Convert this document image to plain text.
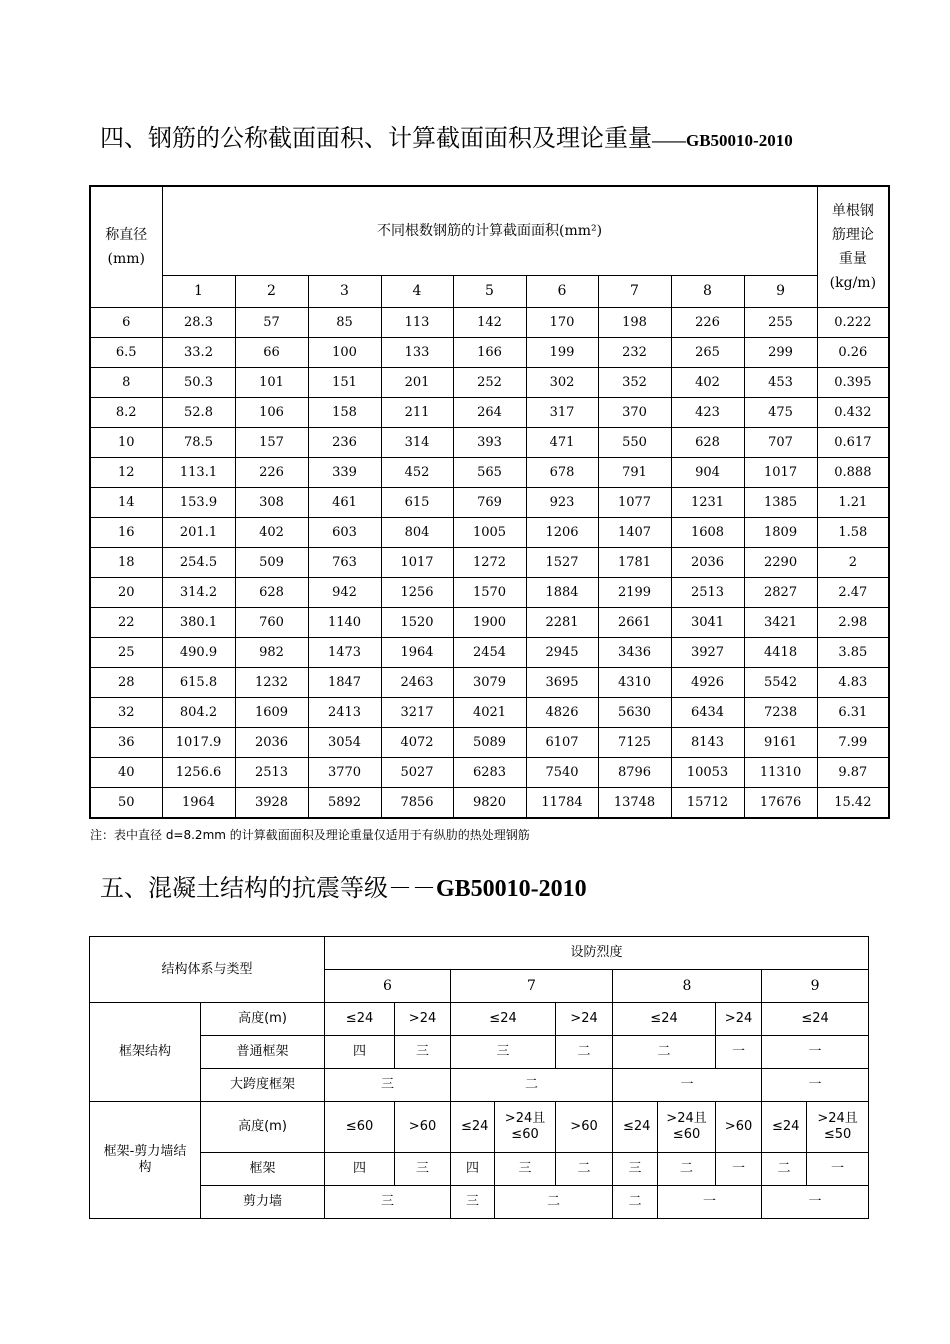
四、钢筋的公称截面面积、计算截面面积及理论重量——GB50010-2010
称直径(mm)	不同根数钢筋的计算截面面积(mm²)									单根钢筋理论重量(kg/m)
	1	2	3	4	5	6	7	8	9	
6	28.3	57	85	113	142	170	198	226	255	0.222
6.5	33.2	66	100	133	166	199	232	265	299	0.26
8	50.3	101	151	201	252	302	352	402	453	0.395
8.2	52.8	106	158	211	264	317	370	423	475	0.432
10	78.5	157	236	314	393	471	550	628	707	0.617
12	113.1	226	339	452	565	678	791	904	1017	0.888
14	153.9	308	461	615	769	923	1077	1231	1385	1.21
16	201.1	402	603	804	1005	1206	1407	1608	1809	1.58
18	254.5	509	763	1017	1272	1527	1781	2036	2290	2
20	314.2	628	942	1256	1570	1884	2199	2513	2827	2.47
22	380.1	760	1140	1520	1900	2281	2661	3041	3421	2.98
25	490.9	982	1473	1964	2454	2945	3436	3927	4418	3.85
28	615.8	1232	1847	2463	3079	3695	4310	4926	5542	4.83
32	804.2	1609	2413	3217	4021	4826	5630	6434	7238	6.31
36	1017.9	2036	3054	4072	5089	6107	7125	8143	9161	7.99
40	1256.6	2513	3770	5027	6283	7540	8796	10053	11310	9.87
50	1964	3928	5892	7856	9820	11784	13748	15712	17676	15.42

注：表中直径 d=8.2mm 的计算截面面积及理论重量仅适用于有纵肋的热处理钢筋

五、混凝土结构的抗震等级－－GB50010-2010
结构体系与类型		设防烈度									
		6		7			8			9	
框架结构	高度(m)	≤24	>24	≤24		>24	≤24		>24	≤24	
	普通框架	四	三	三		二	二		一	一	
	大跨度框架	三		二			一			一	
框架-剪力墙结构	高度(m)	≤60	>60	≤24	>24且≤60	>60	≤24	>24且≤60	>60	≤24	>24且≤50
	框架	四	三	四	三	二	三	二	一	二	一
	剪力墙	三		三	二		二	一		一	
